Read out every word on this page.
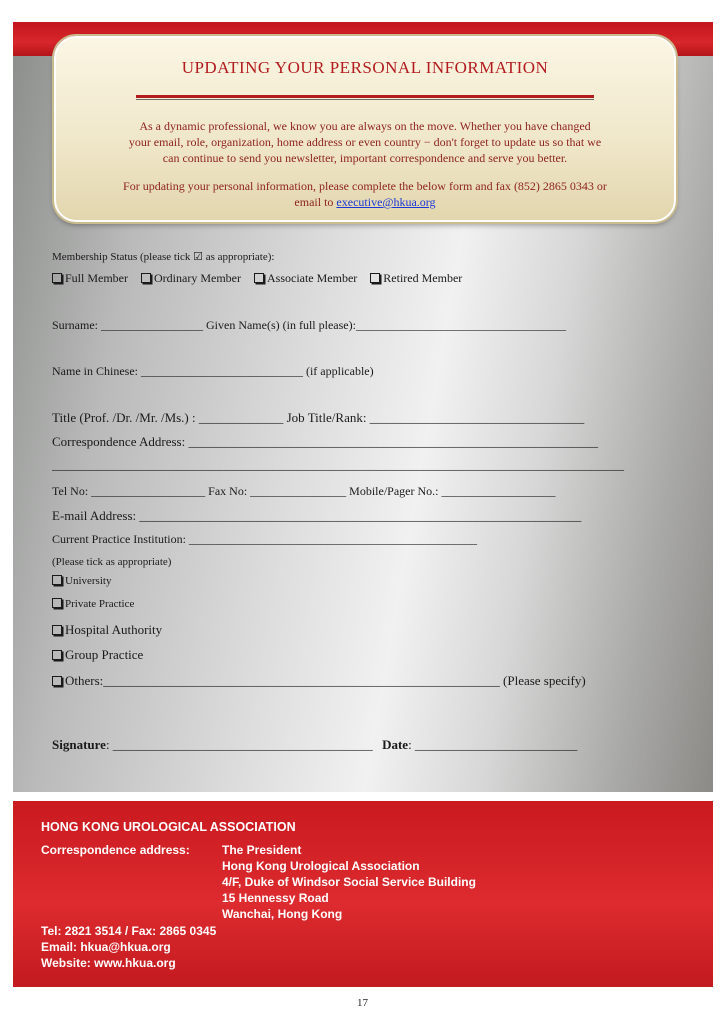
UPDATING YOUR PERSONAL INFORMATION
As a dynamic professional, we know you are always on the move. Whether you have changed
your email, role, organization, home address or even country − don't forget to update us so that we
can continue to send you newsletter, important correspondence and serve you better.
For updating your personal information, please complete the below form and fax (852) 2865 0343 or
email to executive@hkua.org
Membership Status (please tick ☑ as appropriate):
Full Member Ordinary Member Associate Member Retired Member
Surname: _________________ Given Name(s) (in full please):___________________________________
Name in Chinese: ___________________________ (if applicable)
Title (Prof. /Dr. /Mr. /Ms.) : _____________ Job Title/Rank: _________________________________
Correspondence Address: _______________________________________________________________
________________________________________________________________________________________
Tel No: ___________________ Fax No: ________________ Mobile/Pager No.: ___________________
E-mail Address: ____________________________________________________________________
Current Practice Institution: ________________________________________________
(Please tick as appropriate)
University
Private Practice
Hospital Authority
Group Practice
Others:_____________________________________________________________ (Please specify)
Signature: ________________________________________ Date: _________________________
HONG KONG UROLOGICAL ASSOCIATION
Correspondence address:	The President
Hong Kong Urological Association
4/F, Duke of Windsor Social Service Building
15 Hennessy Road
Wanchai, Hong Kong
Tel: 2821 3514 / Fax: 2865 0345
Email: hkua@hkua.org
Website: www.hkua.org
17
